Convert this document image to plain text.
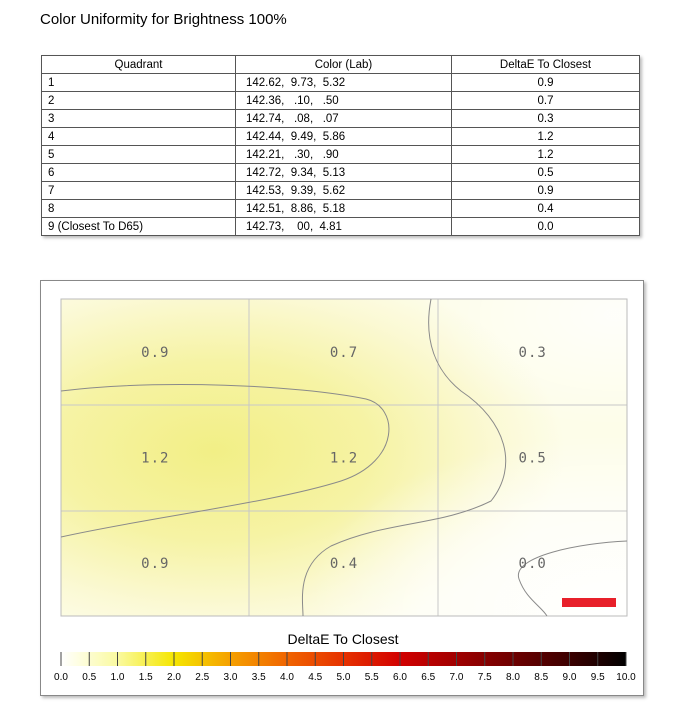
Color Uniformity for Brightness 100%
Quadrant	Color (Lab)	DeltaE To Closest
1	142.62,  9.73,  5.32	0.9
2	142.36,   .10,   .50	0.7
3	142.74,   .08,   .07	0.3
4	142.44,  9.49,  5.86	1.2
5	142.21,   .30,   .90	1.2
6	142.72,  9.34,  5.13	0.5
7	142.53,  9.39,  5.62	0.9
8	142.51,  8.86,  5.18	0.4
9 (Closest To D65)	142.73,    00,  4.81	0.0
0.9	0.7	0.3
1.2	1.2	0.5
0.9	0.4	0.0
DeltaE To Closest
0.0 0.5 1.0 1.5 2.0 2.5 3.0 3.5 4.0 4.5 5.0 5.5 6.0 6.5 7.0 7.5 8.0 8.5 9.0 9.5 10.0
